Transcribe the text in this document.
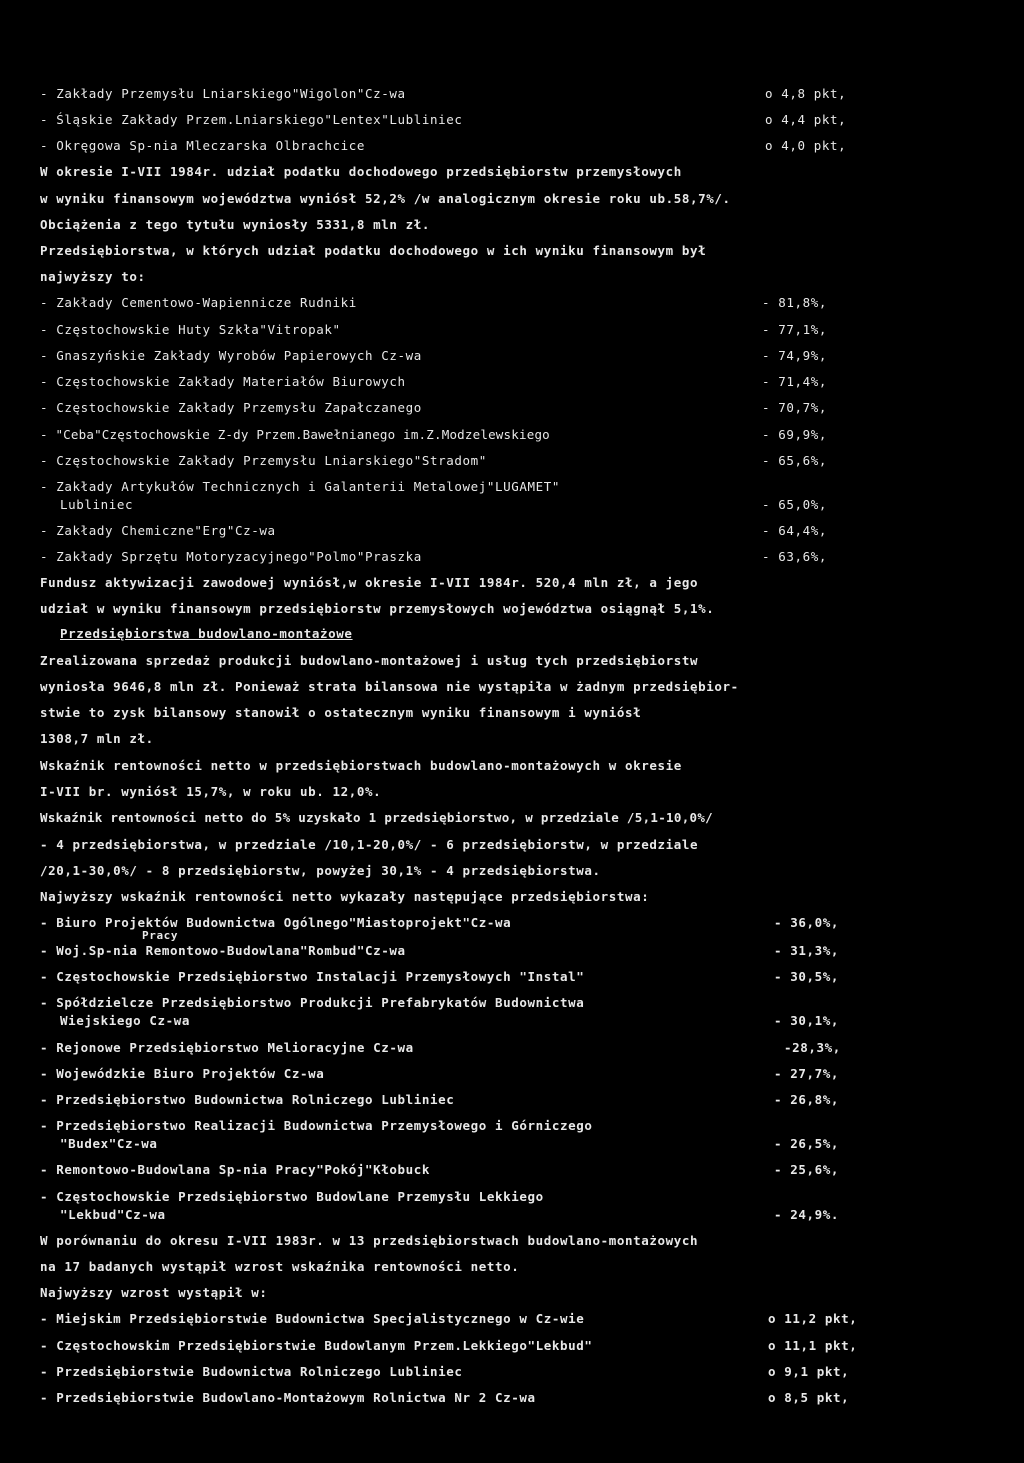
- Zakłady Przemysłu Lniarskiego"Wigolon"Cz-wa	o 4,8 pkt,
- Śląskie Zakłady Przem.Lniarskiego"Lentex"Lubliniec	o 4,4 pkt,
- Okręgowa Sp-nia Mleczarska Olbrachcice	o 4,0 pkt,
W okresie I-VII 1984r. udział podatku dochodowego przedsiębiorstw przemysłowych
w wyniku finansowym województwa wyniósł 52,2% /w analogicznym okresie roku ub.58,7%/.
Obciążenia z tego tytułu wyniosły 5331,8 mln zł.
Przedsiębiorstwa, w których udział podatku dochodowego w ich wyniku finansowym był
najwyższy to:
- Zakłady Cementowo-Wapiennicze Rudniki	- 81,8%,
- Częstochowskie Huty Szkła"Vitropak"	- 77,1%,
- Gnaszyńskie Zakłady Wyrobów Papierowych Cz-wa	- 74,9%,
- Częstochowskie Zakłady Materiałów Biurowych	- 71,4%,
- Częstochowskie Zakłady Przemysłu Zapałczanego	- 70,7%,
- "Ceba"Częstochowskie Z-dy Przem.Bawełnianego im.Z.Modzelewskiego	- 69,9%,
- Częstochowskie Zakłady Przemysłu Lniarskiego"Stradom"	- 65,6%,
- Zakłady Artykułów Technicznych i Galanterii Metalowej"LUGAMET"
Lubliniec	- 65,0%,
- Zakłady Chemiczne"Erg"Cz-wa	- 64,4%,
- Zakłady Sprzętu Motoryzacyjnego"Polmo"Praszka	- 63,6%,
Fundusz aktywizacji zawodowej wyniósł,w okresie I-VII 1984r. 520,4 mln zł, a jego
udział w wyniku finansowym przedsiębiorstw przemysłowych województwa osiągnął 5,1%.
Przedsiębiorstwa budowlano-montażowe
Zrealizowana sprzedaż produkcji budowlano-montażowej i usług tych przedsiębiorstw
wyniosła 9646,8 mln zł. Ponieważ strata bilansowa nie wystąpiła w żadnym przedsiębior-
stwie to zysk bilansowy stanowił o ostatecznym wyniku finansowym i wyniósł
1308,7 mln zł.
Wskaźnik rentowności netto w przedsiębiorstwach budowlano-montażowych w okresie
I-VII br. wyniósł 15,7%, w roku ub. 12,0%.
Wskaźnik rentowności netto do 5% uzyskało 1 przedsiębiorstwo, w przedziale /5,1-10,0%/
- 4 przedsiębiorstwa, w przedziale /10,1-20,0%/ - 6 przedsiębiorstw, w przedziale
/20,1-30,0%/ - 8 przedsiębiorstw, powyżej 30,1% - 4 przedsiębiorstwa.
Najwyższy wskaźnik rentowności netto wykazały następujące przedsiębiorstwa:
- Biuro Projektów Budownictwa Ogólnego"Miastoprojekt"Cz-wa	- 36,0%,
Pracy
- Woj.Sp-nia Remontowo-Budowlana"Rombud"Cz-wa	- 31,3%,
- Częstochowskie Przedsiębiorstwo Instalacji Przemysłowych "Instal"	- 30,5%,
- Spółdzielcze Przedsiębiorstwo Produkcji Prefabrykatów Budownictwa
Wiejskiego Cz-wa	- 30,1%,
- Rejonowe Przedsiębiorstwo Melioracyjne Cz-wa	-28,3%,
- Wojewódzkie Biuro Projektów Cz-wa	- 27,7%,
- Przedsiębiorstwo Budownictwa Rolniczego Lubliniec	- 26,8%,
- Przedsiębiorstwo Realizacji Budownictwa Przemysłowego i Górniczego
"Budex"Cz-wa	- 26,5%,
- Remontowo-Budowlana Sp-nia Pracy"Pokój"Kłobuck	- 25,6%,
- Częstochowskie Przedsiębiorstwo Budowlane Przemysłu Lekkiego
"Lekbud"Cz-wa	- 24,9%.
W porównaniu do okresu I-VII 1983r. w 13 przedsiębiorstwach budowlano-montażowych
na 17 badanych wystąpił wzrost wskaźnika rentowności netto.
Najwyższy wzrost wystąpił w:
- Miejskim Przedsiębiorstwie Budownictwa Specjalistycznego w Cz-wie	o 11,2 pkt,
- Częstochowskim Przedsiębiorstwie Budowlanym Przem.Lekkiego"Lekbud"	o 11,1 pkt,
- Przedsiębiorstwie Budownictwa Rolniczego Lubliniec	o 9,1 pkt,
- Przedsiębiorstwie Budowlano-Montażowym Rolnictwa Nr 2 Cz-wa	o 8,5 pkt,
